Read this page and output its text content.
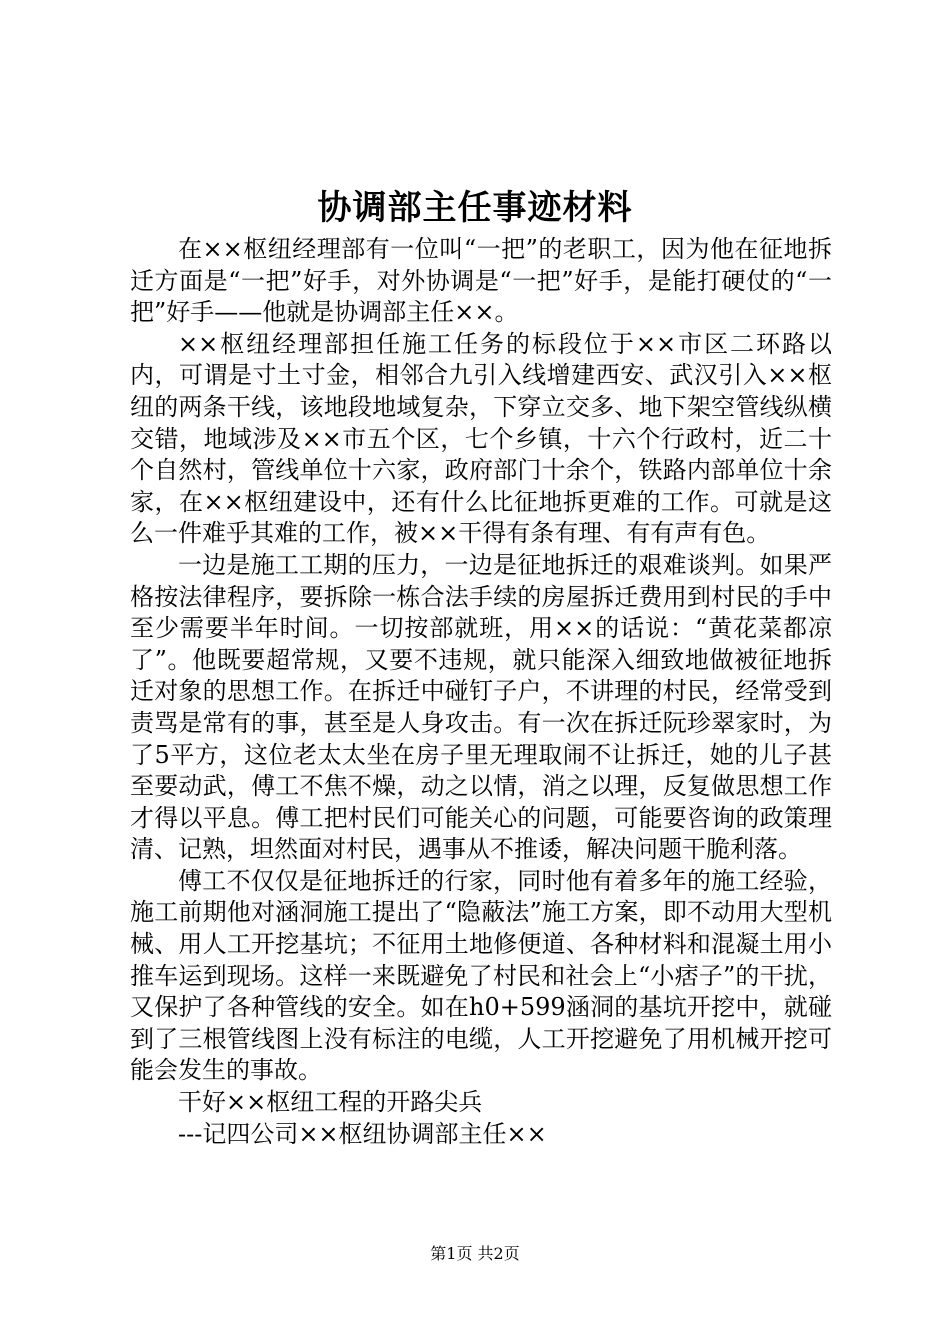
协调部主任事迹材料

在××枢纽经理部有一位叫“一把”的老职工，因为他在征地拆迁方面是“一把”好手，对外协调是“一把”好手，是能打硬仗的“一把”好手——他就是协调部主任××。

××枢纽经理部担任施工任务的标段位于××市区二环路以内，可谓是寸土寸金，相邻合九引入线增建西安、武汉引入××枢纽的两条干线，该地段地域复杂，下穿立交多、地下架空管线纵横交错，地域涉及××市五个区，七个乡镇，十六个行政村，近二十个自然村，管线单位十六家，政府部门十余个，铁路内部单位十余家，在××枢纽建设中，还有什么比征地拆更难的工作。可就是这么一件难乎其难的工作，被××干得有条有理、有有声有色。

一边是施工工期的压力，一边是征地拆迁的艰难谈判。如果严格按法律程序，要拆除一栋合法手续的房屋拆迁费用到村民的手中至少需要半年时间。一切按部就班，用××的话说：“黄花菜都凉了”。他既要超常规，又要不违规，就只能深入细致地做被征地拆迁对象的思想工作。在拆迁中碰钉子户，不讲理的村民，经常受到责骂是常有的事，甚至是人身攻击。有一次在拆迁阮珍翠家时，为了5平方，这位老太太坐在房子里无理取闹不让拆迁，她的儿子甚至要动武，傅工不焦不燥，动之以情，消之以理，反复做思想工作才得以平息。傅工把村民们可能关心的问题，可能要咨询的政策理清、记熟，坦然面对村民，遇事从不推诿，解决问题干脆利落。

傅工不仅仅是征地拆迁的行家，同时他有着多年的施工经验，施工前期他对涵洞施工提出了“隐蔽法”施工方案，即不动用大型机械、用人工开挖基坑；不征用土地修便道、各种材料和混凝土用小推车运到现场。这样一来既避免了村民和社会上“小痞子”的干扰，又保护了各种管线的安全。如在h0+599涵洞的基坑开挖中，就碰到了三根管线图上没有标注的电缆，人工开挖避免了用机械开挖可能会发生的事故。

干好××枢纽工程的开路尖兵

---记四公司××枢纽协调部主任××

第1页 共2页
